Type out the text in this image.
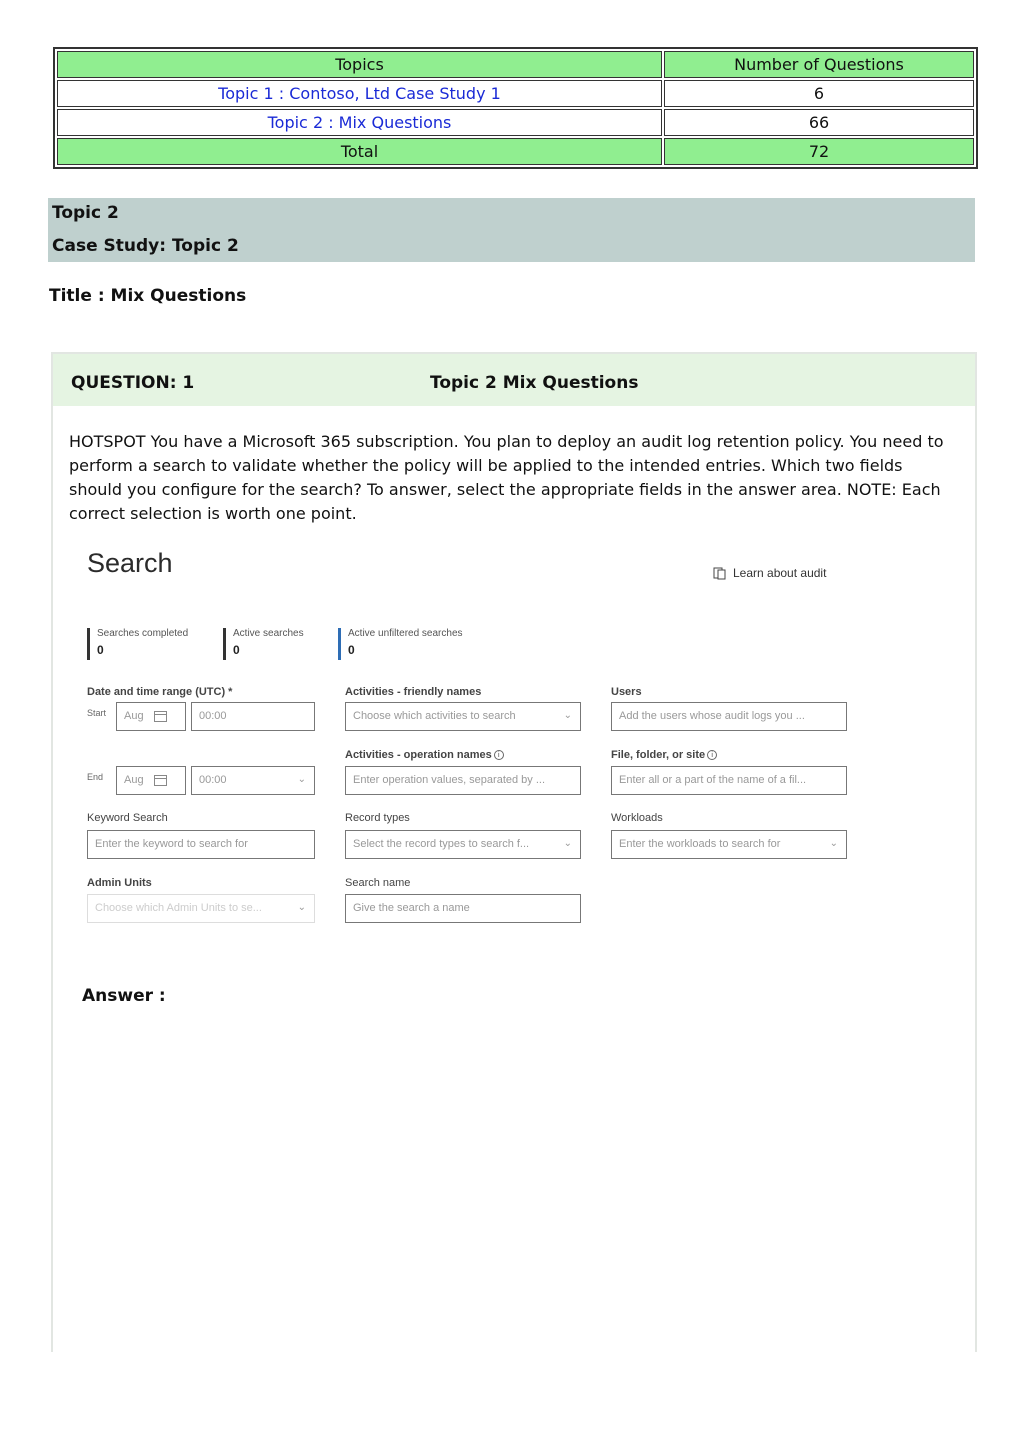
Topics	Number of Questions
Topic 1 : Contoso, Ltd Case Study 1	6
Topic 2 : Mix Questions	66
Total	72
Topic 2
Case Study: Topic 2
Title : Mix Questions
QUESTION: 1	Topic 2 Mix Questions
HOTSPOT You have a Microsoft 365 subscription. You plan to deploy an audit log retention policy. You need to perform a search to validate whether the policy will be applied to the intended entries. Which two fields should you configure for the search? To answer, select the appropriate fields in the answer area. NOTE: Each correct selection is worth one point.
Search	Learn about audit
Searches completed
0
Active searches
0
Active unfiltered searches
0
Date and time range (UTC) *
Start	Aug	00:00
End	Aug	00:00	⌄
Keyword Search
Enter the keyword to search for
Admin Units
Choose which Admin Units to se...	⌄
Activities - friendly names
Choose which activities to search	⌄
Activities - operation names i
Enter operation values, separated by ...
Record types
Select the record types to search f...	⌄
Search name
Give the search a name
Users
Add the users whose audit logs you ...
File, folder, or site i
Enter all or a part of the name of a fil...
Workloads
Enter the workloads to search for	⌄
Answer :
